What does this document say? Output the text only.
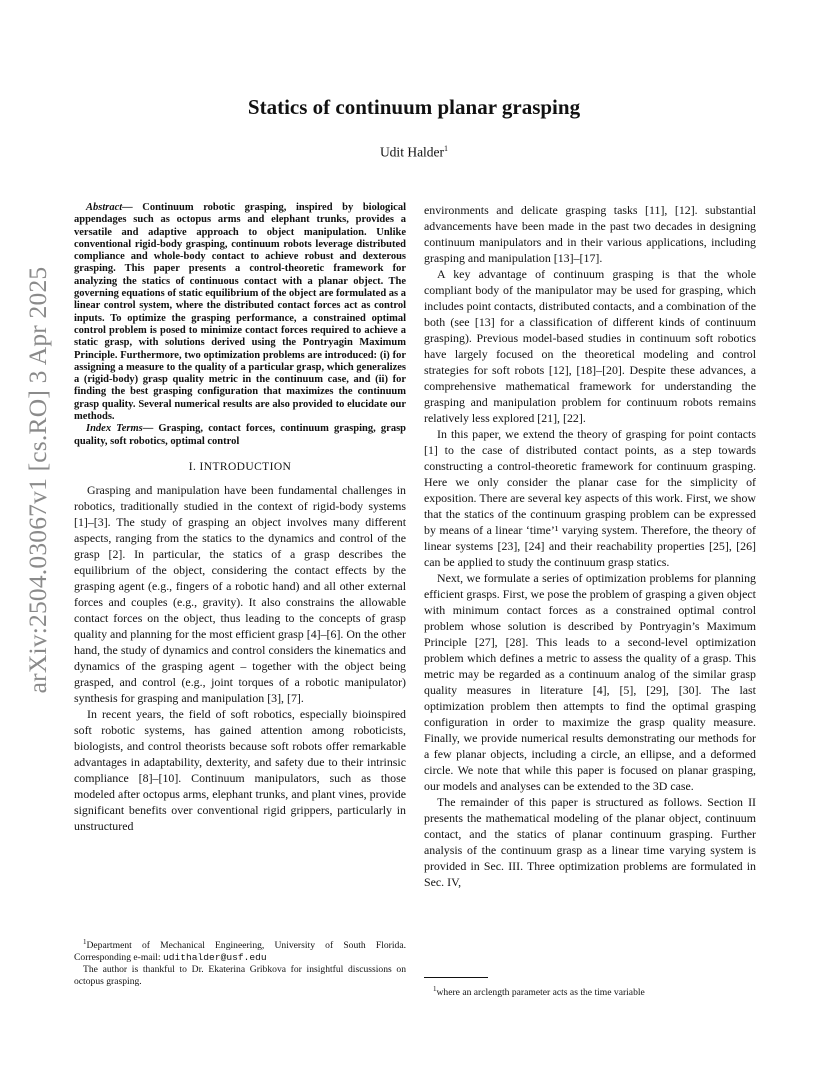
arXiv:2504.03067v1 [cs.RO] 3 Apr 2025
Statics of continuum planar grasping
Udit Halder$^1$

Abstract— Continuum robotic grasping, inspired by biological appendages such as octopus arms and elephant trunks, provides a versatile and adaptive approach to object manipulation. Unlike conventional rigid-body grasping, continuum robots leverage distributed compliance and whole-body contact to achieve robust and dexterous grasping. This paper presents a control-theoretic framework for analyzing the statics of continuous contact with a planar object. The governing equations of static equilibrium of the object are formulated as a linear control system, where the distributed contact forces act as control inputs. To optimize the grasping performance, a constrained optimal control problem is posed to minimize contact forces required to achieve a static grasp, with solutions derived using the Pontryagin Maximum Principle. Furthermore, two optimization problems are introduced: (i) for assigning a measure to the quality of a particular grasp, which generalizes a (rigid-body) grasp quality metric in the continuum case, and (ii) for finding the best grasping configuration that maximizes the continuum grasp quality. Several numerical results are also provided to elucidate our methods.

Index Terms— Grasping, contact forces, continuum grasping, grasp quality, soft robotics, optimal control

I. INTRODUCTION

Grasping and manipulation have been fundamental challenges in robotics, traditionally studied in the context of rigid-body systems [1]–[3]. The study of grasping an object involves many different aspects, ranging from the statics to the dynamics and control of the grasp [2]. In particular, the statics of a grasp describes the equilibrium of the object, considering the contact effects by the grasping agent (e.g., fingers of a robotic hand) and all other external forces and couples (e.g., gravity). It also constrains the allowable contact forces on the object, thus leading to the concepts of grasp quality and planning for the most efficient grasp [4]–[6]. On the other hand, the study of dynamics and control considers the kinematics and dynamics of the grasping agent – together with the object being grasped, and control (e.g., joint torques of a robotic manipulator) synthesis for grasping and manipulation [3], [7].

In recent years, the field of soft robotics, especially bioinspired soft robotic systems, has gained attention among roboticists, biologists, and control theorists because soft robots offer remarkable advantages in adaptability, dexterity, and safety due to their intrinsic compliance [8]–[10]. Continuum manipulators, such as those modeled after octopus arms, elephant trunks, and plant vines, provide significant benefits over conventional rigid grippers, particularly in unstructured

environments and delicate grasping tasks [11], [12]. substantial advancements have been made in the past two decades in designing continuum manipulators and in their various applications, including grasping and manipulation [13]–[17].

A key advantage of continuum grasping is that the whole compliant body of the manipulator may be used for grasping, which includes point contacts, distributed contacts, and a combination of the both (see [13] for a classification of different kinds of continuum grasping). Previous model-based studies in continuum soft robotics have largely focused on the theoretical modeling and control strategies for soft robots [12], [18]–[20]. Despite these advances, a comprehensive mathematical framework for understanding the grasping and manipulation problem for continuum robots remains relatively less explored [21], [22].

In this paper, we extend the theory of grasping for point contacts [1] to the case of distributed contact points, as a step towards constructing a control-theoretic framework for continuum grasping. Here we only consider the planar case for the simplicity of exposition. There are several key aspects of this work. First, we show that the statics of the continuum grasping problem can be expressed by means of a linear ‘time’¹ varying system. Therefore, the theory of linear systems [23], [24] and their reachability properties [25], [26] can be applied to study the continuum grasp statics.

Next, we formulate a series of optimization problems for planning efficient grasps. First, we pose the problem of grasping a given object with minimum contact forces as a constrained optimal control problem whose solution is described by Pontryagin’s Maximum Principle [27], [28]. This leads to a second-level optimization problem which defines a metric to assess the quality of a grasp. This metric may be regarded as a continuum analog of the similar grasp quality measures in literature [4], [5], [29], [30]. The last optimization problem then attempts to find the optimal grasping configuration in order to maximize the grasp quality measure. Finally, we provide numerical results demonstrating our methods for a few planar objects, including a circle, an ellipse, and a deformed circle. We note that while this paper is focused on planar grasping, our models and analyses can be extended to the 3D case.

The remainder of this paper is structured as follows. Section II presents the mathematical modeling of the planar object, continuum contact, and the statics of planar continuum grasping. Further analysis of the continuum grasp as a linear time varying system is provided in Sec. III. Three optimization problems are formulated in Sec. IV,

$^1$Department of Mechanical Engineering, University of South Florida. Corresponding e-mail: udithalder@usf.edu

The author is thankful to Dr. Ekaterina Gribkova for insightful discussions on octopus grasping.

$^1$where an arclength parameter acts as the time variable
